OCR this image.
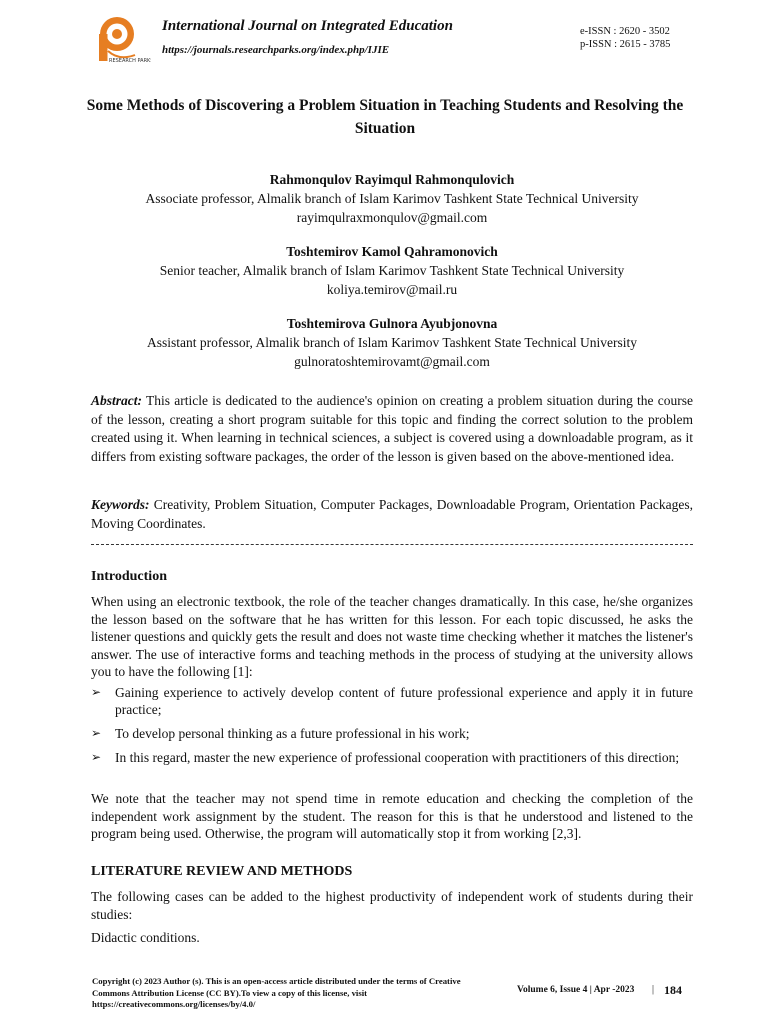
RESEARCH PARKS
International Journal on Integrated Education
https://journals.researchparks.org/index.php/IJIE
e-ISSN : 2620 - 3502
p-ISSN : 2615 - 3785
Some Methods of Discovering a Problem Situation in Teaching Students and Resolving the Situation
Rahmonqulov Rayimqul Rahmonqulovich
Associate professor, Almalik branch of Islam Karimov Tashkent State Technical University
rayimqulraxmonqulov@gmail.com
Toshtemirov Kamol Qahramonovich
Senior teacher, Almalik branch of Islam Karimov Tashkent State Technical University
koliya.temirov@mail.ru
Toshtemirova Gulnora Ayubjonovna
Assistant professor, Almalik branch of Islam Karimov Tashkent State Technical University
gulnoratoshtemirovamt@gmail.com
Abstract: This article is dedicated to the audience's opinion on creating a problem situation during the course of the lesson, creating a short program suitable for this topic and finding the correct solution to the problem created using it. When learning in technical sciences, a subject is covered using a downloadable program, as it differs from existing software packages, the order of the lesson is given based on the above-mentioned idea.
Keywords: Creativity, Problem Situation, Computer Packages, Downloadable Program, Orientation Packages, Moving Coordinates.
Introduction
When using an electronic textbook, the role of the teacher changes dramatically. In this case, he/she organizes the lesson based on the software that he has written for this lesson. For each topic discussed, he asks the listener questions and quickly gets the result and does not waste time checking whether it matches the listener's answer. The use of interactive forms and teaching methods in the process of studying at the university allows you to have the following [1]:
➢ Gaining experience to actively develop content of future professional experience and apply it in future practice;
➢ To develop personal thinking as a future professional in his work;
➢ In this regard, master the new experience of professional cooperation with practitioners of this direction;
We note that the teacher may not spend time in remote education and checking the completion of the independent work assignment by the student. The reason for this is that he understood and listened to the program being used. Otherwise, the program will automatically stop it from working [2,3].
LITERATURE REVIEW AND METHODS
The following cases can be added to the highest productivity of independent work of students during their studies:
Didactic conditions.
Copyright (c) 2023 Author (s). This is an open-access article distributed under the terms of Creative Commons Attribution License (CC BY).To view a copy of this license, visit https://creativecommons.org/licenses/by/4.0/
Volume 6, Issue 4 | Apr -2023 | 184
